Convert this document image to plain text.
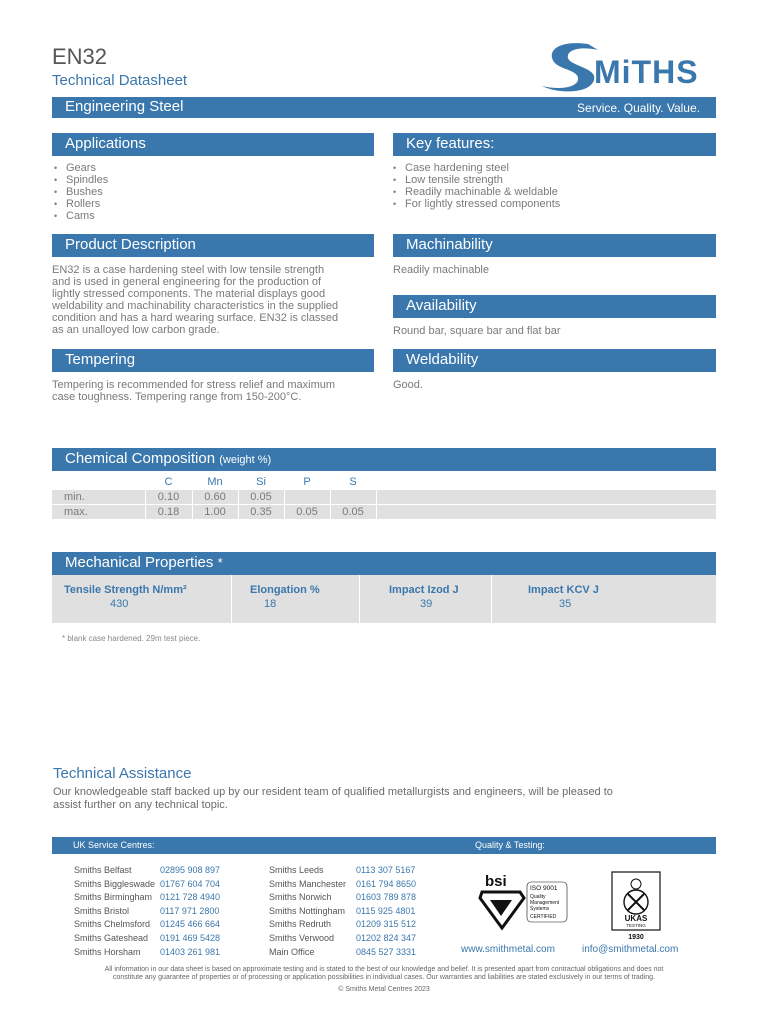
EN32
Technical Datasheet	MiTHS
Engineering Steel	Service. Quality. Value.
Applications
• Gears
• Spindles
• Bushes
• Rollers
• Cams
Key features:
• Case hardening steel
• Low tensile strength
• Readily machinable & weldable
• For lightly stressed components
Product Description
EN32 is a case hardening steel with low tensile strength
and is used in general engineering for the production of
lightly stressed components. The material displays good
weldability and machinability characteristics in the supplied
condition and has a hard wearing surface. EN32 is classed
as an unalloyed low carbon grade.
Machinability
Readily machinable
Availability
Round bar, square bar and flat bar
Tempering
Tempering is recommended for stress relief and maximum
case toughness. Tempering range from 150-200°C.
Weldability
Good.
Chemical Composition (weight %)
C	Mn	Si	P	S
min.	0.10	0.60	0.05
max.	0.18	1.00	0.35	0.05	0.05
Mechanical Properties *
Tensile Strength N/mm²
430
Elongation %
18
Impact Izod J
39
Impact KCV J
35
* blank case hardened. 29m test piece.
Technical Assistance
Our knowledgeable staff backed up by our resident team of qualified metallurgists and engineers, will be pleased to
assist further on any technical topic.
UK Service Centres:	Quality & Testing:
Smiths Belfast	02895 908 897
Smiths Biggleswade 01767 604 704
Smiths Birmingham 0121 728 4940
Smiths Bristol	0117 971 2800
Smiths Chelmsford 01245 466 664
Smiths Gateshead 0191 469 5428
Smiths Horsham 01403 261 981
Smiths Leeds	0113 307 5167
Smiths Manchester 0161 794 8650
Smiths Norwich	01603 789 878
Smiths Nottingham 0115 925 4801
Smiths Redruth	01209 315 512
Smiths Verwood 01202 824 347
Main Office	0845 527 3331
bsi	ISO 9001
Quality
Management
Systems
CERTIFIED	UKAS
TESTING
1930
www.smithmetal.com	info@smithmetal.com
All information in our data sheet is based on approximate testing and is stated to the best of our knowledge and belief. It is presented apart from contractual obligations and does not
constitute any guarantee of properties or of processing or application possibilities in individual cases. Our warranties and liabilities are stated exclusively in our terms of trading.
© Smiths Metal Centres 2023
